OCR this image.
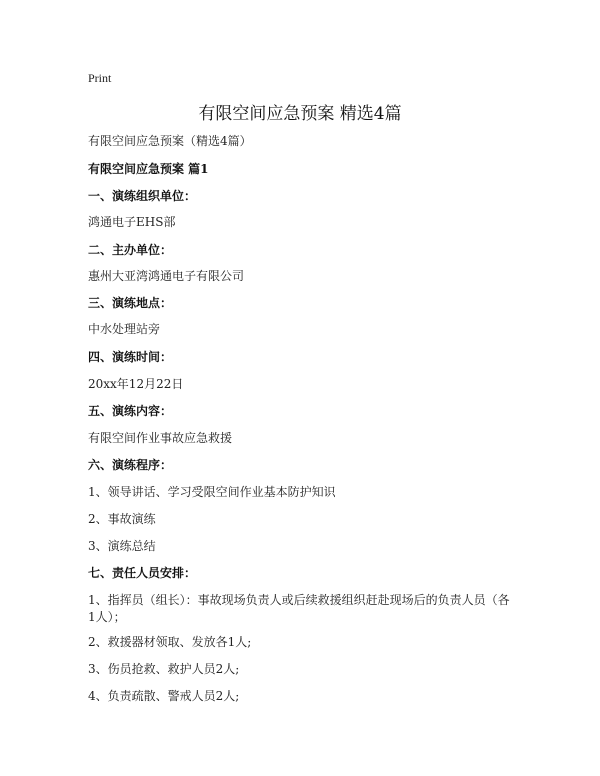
Print
有限空间应急预案 精选4篇
有限空间应急预案（精选4篇）
有限空间应急预案 篇1
一、演练组织单位：
鸿通电子EHS部
二、主办单位：
惠州大亚湾鸿通电子有限公司
三、演练地点：
中水处理站旁
四、演练时间：
20xx年12月22日
五、演练内容：
有限空间作业事故应急救援
六、演练程序：
1、领导讲话、学习受限空间作业基本防护知识
2、事故演练
3、演练总结
七、责任人员安排：
1、指挥员（组长）：事故现场负责人或后续救援组织赶赴现场后的负责人员（各1人）；
2、救援器材领取、发放各1人;
3、伤员抢救、救护人员2人;
4、负责疏散、警戒人员2人;
